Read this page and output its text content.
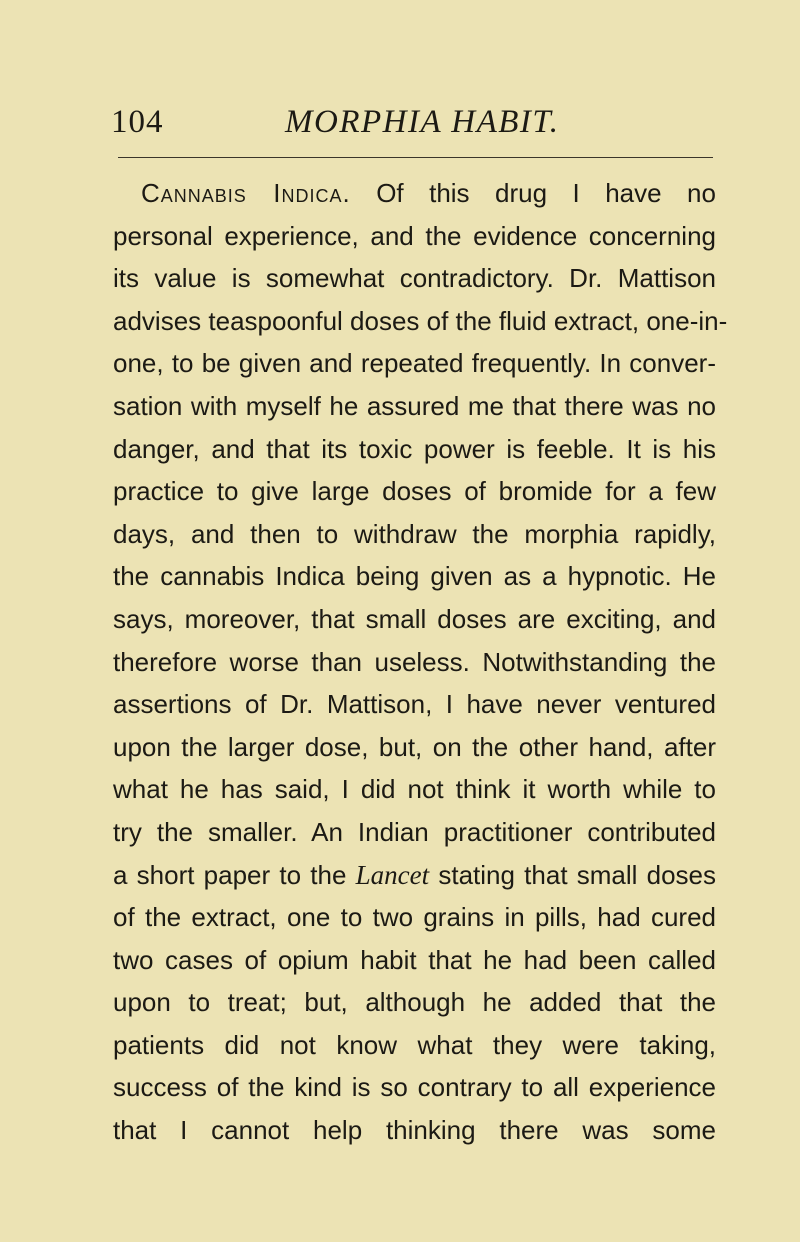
104	MORPHIA HABIT.
Cannabis Indica. Of this drug I have no
personal experience, and the evidence concerning
its value is somewhat contradictory. Dr. Mattison
advises teaspoonful doses of the fluid extract, one-in-
one, to be given and repeated frequently. In conver-
sation with myself he assured me that there was no
danger, and that its toxic power is feeble. It is his
practice to give large doses of bromide for a few
days, and then to withdraw the morphia rapidly,
the cannabis Indica being given as a hypnotic. He
says, moreover, that small doses are exciting, and
therefore worse than useless. Notwithstanding the
assertions of Dr. Mattison, I have never ventured
upon the larger dose, but, on the other hand, after
what he has said, I did not think it worth while to
try the smaller. An Indian practitioner contributed
a short paper to the Lancet stating that small doses
of the extract, one to two grains in pills, had cured
two cases of opium habit that he had been called
upon to treat; but, although he added that the
patients did not know what they were taking,
success of the kind is so contrary to all experience
that I cannot help thinking there was some
